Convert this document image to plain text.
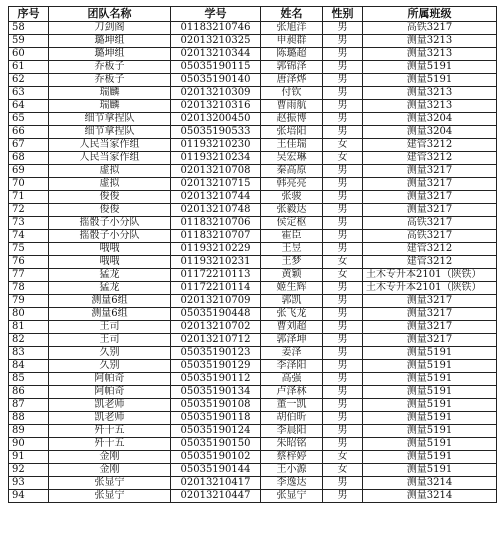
序号	团队名称	学号	姓名	性别	所属班级
58	刀剑阁	01183210746	张旭洋	男	高铁3217
59	璐坤组	02013210325	申昶群	男	测量3213
60	璐坤组	02013210344	陈璐超	男	测量3213
61	乔板子	05035190115	郭锦泽	男	测量5191
62	乔板子	05035190140	唐泽烨	男	测量5191
63	瑞麟	02013210309	付钦	男	测量3213
64	瑞麟	02013210316	曹雨航	男	测量3213
65	细节拿捏队	02013200450	赵振博	男	测量3204
66	细节拿捏队	05035190533	张培阳	男	测量3204
67	人民当家作组	01193210230	王佳瑞	女	建管3212
68	人民当家作组	01193210234	吴宏琳	女	建管3212
69	虚拟	02013210708	秦高原	男	测量3217
70	虚拟	02013210715	韩亮亮	男	测量3217
71	俊俊	02013210744	张骏	男	测量3217
72	俊俊	02013210748	张毅达	男	测量3217
73	摇骰子小分队	01183210706	侯定枢	男	高铁3217
74	摇骰子小分队	01183210707	霍臣	男	高铁3217
75	哦哦	01193210229	王昱	男	建管3212
76	哦哦	01193210231	王梦	女	建管3212
77	猛龙	01172210113	黄颖	女	土木专升本2101（陕铁）
78	猛龙	01172210114	姬生辉	男	土木专升本2101（陕铁）
79	测量6组	02013210709	郭凯	男	测量3217
80	测量6组	05035190448	张飞龙	男	测量3217
81	王司	02013210702	曹刘超	男	测量3217
82	王司	02013210712	郭泽坤	男	测量3217
83	久别	05035190123	姜泽	男	测量5191
84	久别	05035190129	李泽阳	男	测量5191
85	阿帕奇	05035190112	高强	男	测量5191
86	阿帕奇	05035190134	卢泽林	男	测量5191
87	凯老师	05035190108	董一凯	男	测量5191
88	凯老师	05035190118	胡伯昕	男	测量5191
89	歼十五	05035190124	李晨阳	男	测量5191
90	歼十五	05035190150	朱昭铭	男	测量5191
91	金刚	05035190102	蔡梓婷	女	测量5191
92	金刚	05035190144	王小源	女	测量5191
93	张显宁	02013210417	李逸达	男	测量3214
94	张显宁	02013210447	张显宁	男	测量3214
